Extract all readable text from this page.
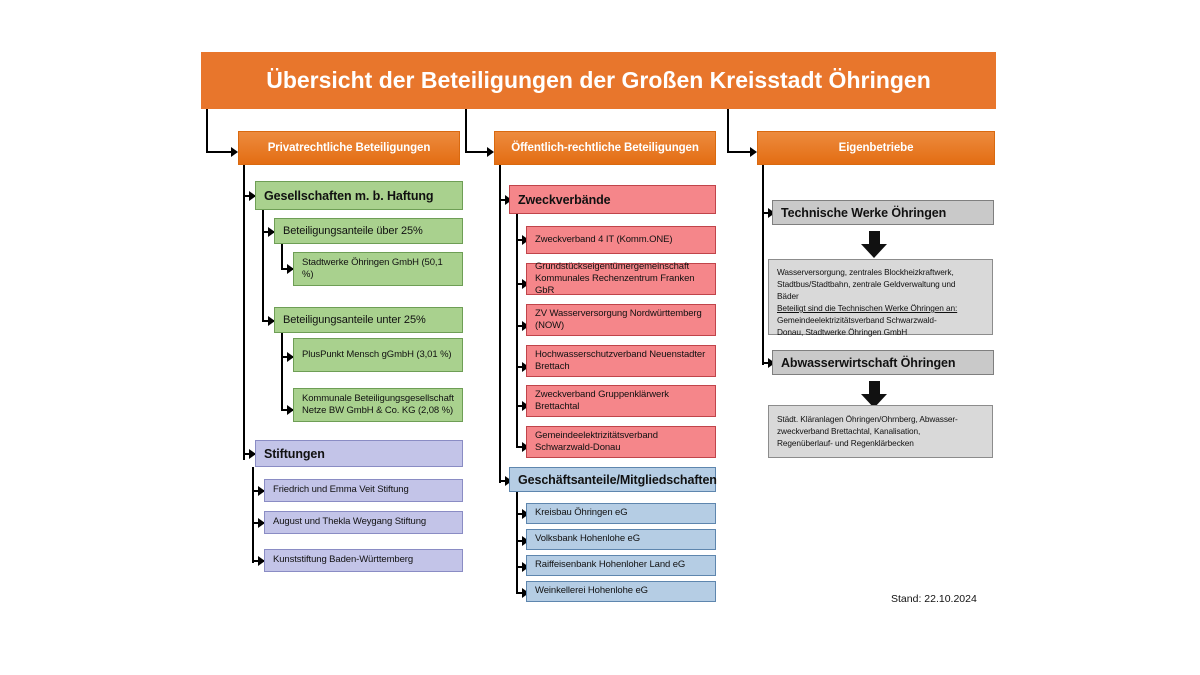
Übersicht der Beteiligungen der Großen Kreisstadt Öhringen
Privatrechtliche Beteiligungen	Öffentlich-rechtliche Beteiligungen	Eigenbetriebe
Gesellschaften m. b. Haftung
Beteiligungsanteile über 25%
Stadtwerke Öhringen GmbH (50,1 %)
Beteiligungsanteile unter 25%
PlusPunkt Mensch gGmbH (3,01 %)
Kommunale Beteiligungsgesellschaft Netze BW GmbH & Co. KG (2,08 %)
Stiftungen
Friedrich und Emma Veit Stiftung
August und Thekla Weygang Stiftung
Kunststiftung Baden-Württemberg
Zweckverbände
Zweckverband 4 IT (Komm.ONE)
Grundstückseigentümergemeinschaft Kommunales Rechenzentrum Franken GbR
ZV Wasserversorgung Nordwürttemberg (NOW)
Hochwasserschutzverband Neuenstadter Brettach
Zweckverband Gruppenklärwerk Brettachtal
Gemeindeelektrizitätsverband Schwarzwald-Donau
Geschäftsanteile/Mitgliedschaften
Kreisbau Öhringen eG
Volksbank Hohenlohe eG
Raiffeisenbank Hohenloher Land eG
Weinkellerei Hohenlohe eG
Technische Werke Öhringen
Wasserversorgung, zentrales Blockheizkraftwerk,
Stadtbus/Stadtbahn, zentrale Geldverwaltung und
Bäder
Beteiligt sind die Technischen Werke Öhringen an:
Gemeindeelektrizitätsverband Schwarzwald-
Donau, Stadtwerke Öhringen GmbH
Abwasserwirtschaft Öhringen
Städt. Kläranlagen Öhringen/Ohrnberg, Abwasser-
zweckverband Brettachtal, Kanalisation,
Regenüberlauf- und Regenklärbecken
Stand: 22.10.2024
